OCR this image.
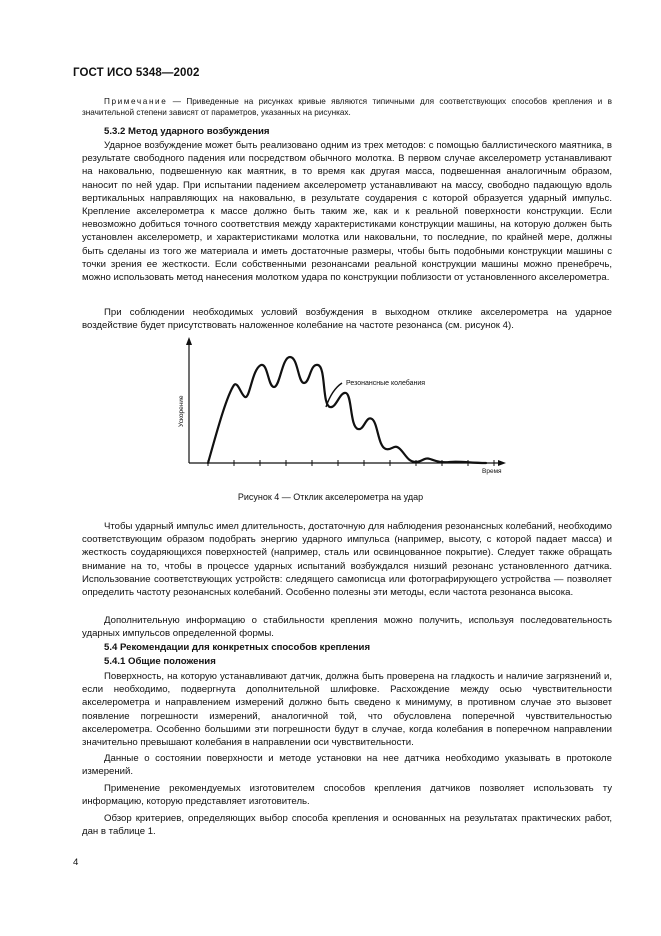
ГОСТ ИСО 5348—2002

Примечание — Приведенные на рисунках кривые являются типичными для соответствующих способов крепления и в значительной степени зависят от параметров, указанных на рисунках.

5.3.2 Метод ударного возбуждения

Ударное возбуждение может быть реализовано одним из трех методов: с помощью баллистического маятника, в результате свободного падения или посредством обычного молотка. В первом случае акселерометр устанавливают на наковальню, подвешенную как маятник, в то время как другая масса, подвешенная аналогичным образом, наносит по ней удар. При испытании падением акселерометр устанавливают на массу, свободно падающую вдоль вертикальных направляющих на наковальню, в результате соударения с которой образуется ударный импульс. Крепление акселерометра к массе должно быть таким же, как и к реальной поверхности конструкции. Если невозможно добиться точного соответствия между характеристиками конструкции машины, на которую должен быть установлен акселерометр, и характеристиками молотка или наковальни, то последние, по крайней мере, должны быть сделаны из того же материала и иметь достаточные размеры, чтобы быть подобными конструкции машины с точки зрения ее жесткости. Если собственными резонансами реальной конструкции машины можно пренебречь, можно использовать метод нанесения молотком удара по конструкции поблизости от установленного акселерометра.

При соблюдении необходимых условий возбуждения в выходном отклике акселерометра на ударное воздействие будет присутствовать наложенное колебание на частоте резонанса (см. рисунок 4).

Ускорение
Время
Резонансные колебания
Рисунок 4 — Отклик акселерометра на удар

Чтобы ударный импульс имел длительность, достаточную для наблюдения резонансных колебаний, необходимо соответствующим образом подобрать энергию ударного импульса (например, высоту, с которой падает масса) и жесткость соударяющихся поверхностей (например, сталь или освинцованное покрытие). Следует также обращать внимание на то, чтобы в процессе ударных испытаний возбуждался низший резонанс установленного датчика. Использование соответствующих устройств: следящего самописца или фотографирующего устройства — позволяет определить частоту резонансных колебаний. Особенно полезны эти методы, если частота резонанса высока.

Дополнительную информацию о стабильности крепления можно получить, используя последовательность ударных импульсов определенной формы.

5.4 Рекомендации для конкретных способов крепления

5.4.1 Общие положения

Поверхность, на которую устанавливают датчик, должна быть проверена на гладкость и наличие загрязнений и, если необходимо, подвергнута дополнительной шлифовке. Расхождение между осью чувствительности акселерометра и направлением измерений должно быть сведено к минимуму, в противном случае это вызовет появление погрешности измерений, аналогичной той, что обусловлена поперечной чувствительностью акселерометра. Особенно большими эти погрешности будут в случае, когда колебания в поперечном направлении значительно превышают колебания в направлении оси чувствительности.

Данные о состоянии поверхности и методе установки на нее датчика необходимо указывать в протоколе измерений.

Применение рекомендуемых изготовителем способов крепления датчиков позволяет использовать ту информацию, которую представляет изготовитель.

Обзор критериев, определяющих выбор способа крепления и основанных на результатах практических работ, дан в таблице 1.

4
